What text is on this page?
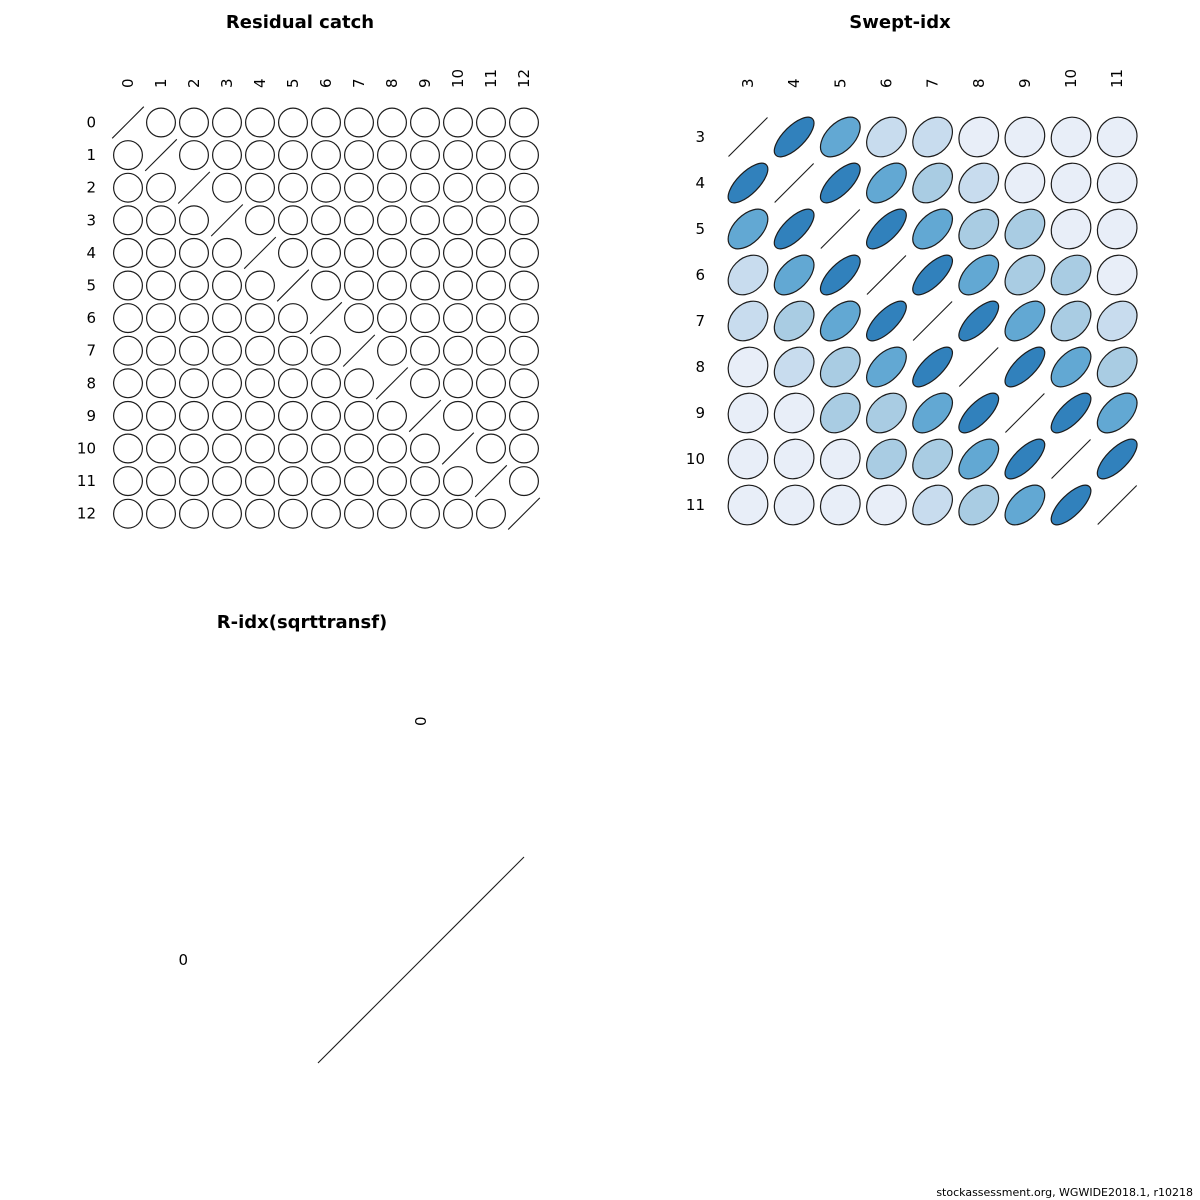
Residual catch	Swept-idx
R-idx(sqrttransf)
0 1 2 3 4 5 6 7 8 9 10 11 12
0
1
2
3
4
5
6
7
8
9
10
11
12
3 4 5 6 7 8 9 10 11
3
4
5
6
7
8
9
10
11
0
0
stockassessment.org, WGWIDE2018.1, r10218
